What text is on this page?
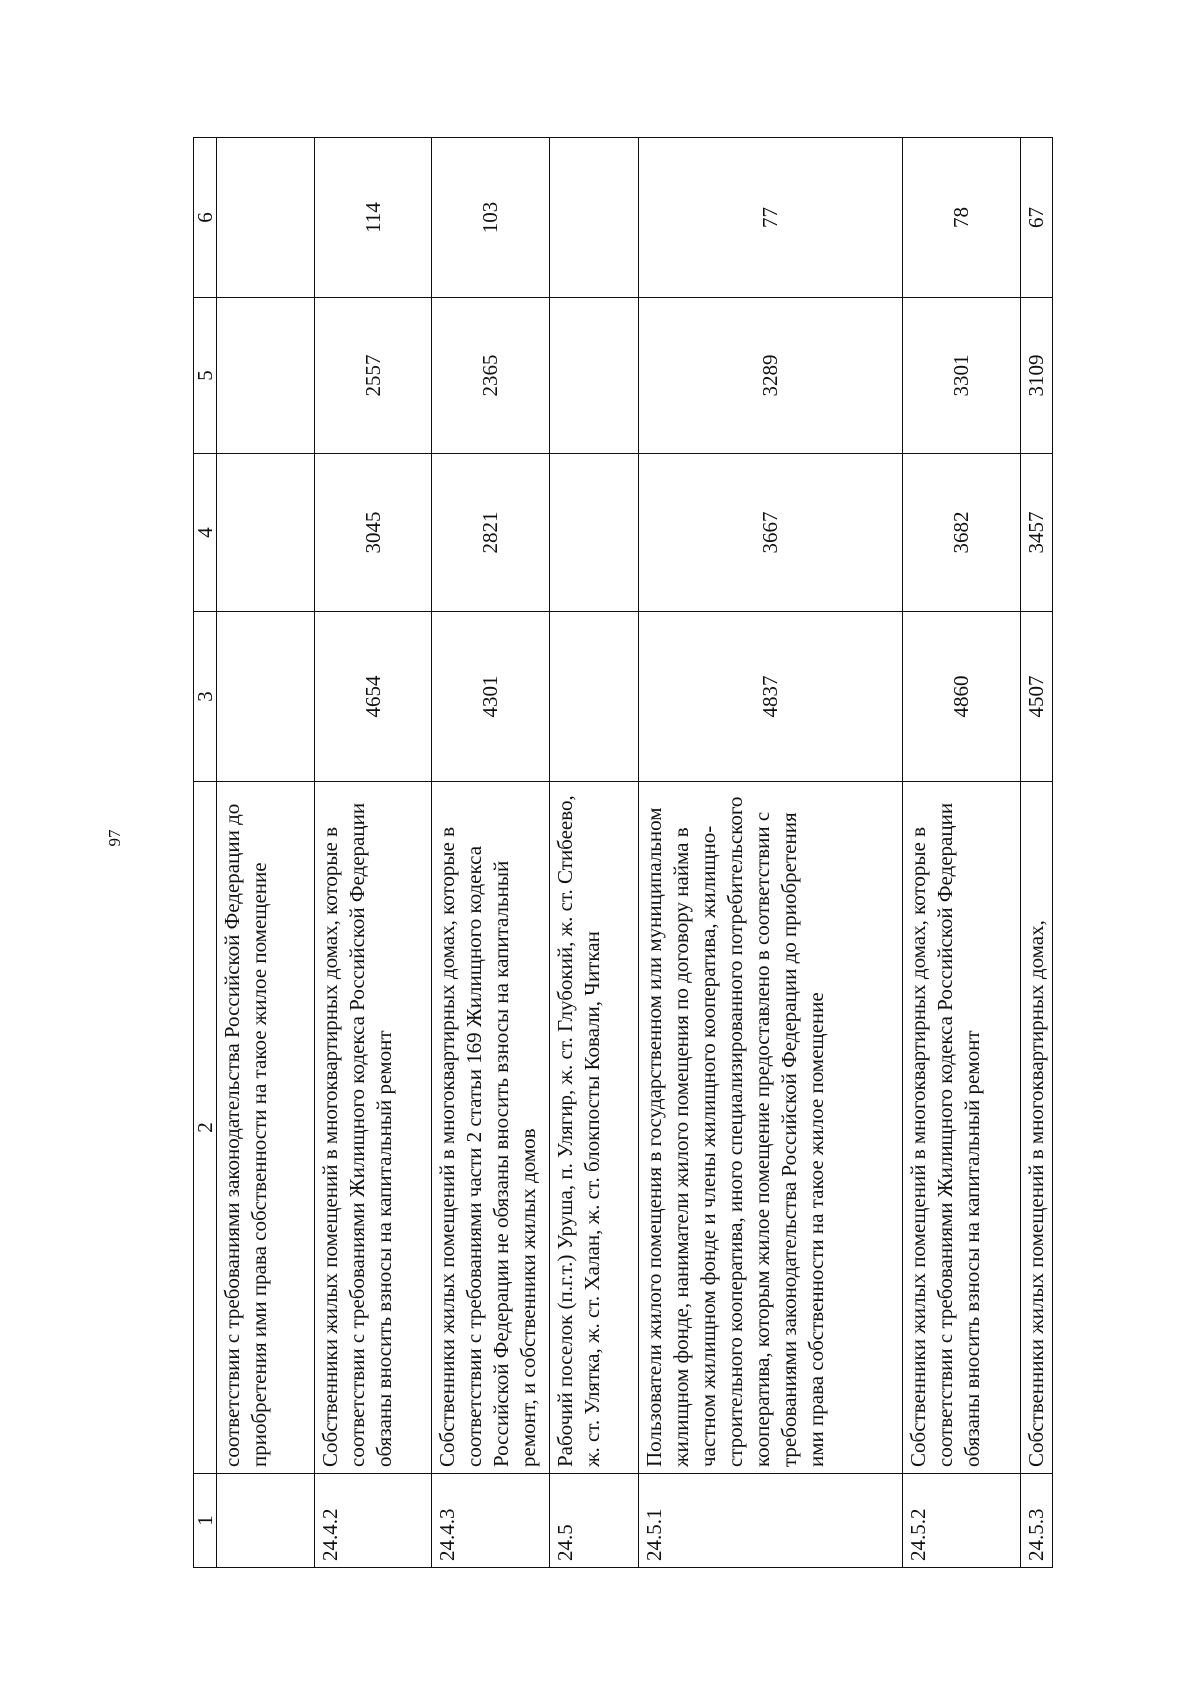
97
1	2	3	4	5	6
	соответствии с требованиями законодательства Российской Федерации до приобретения ими права собственности на такое жилое помещение				
24.4.2	Собственники жилых помещений в многоквартирных домах, которые в соответствии с требованиями Жилищного кодекса Российской Федерации обязаны вносить взносы на капитальный ремонт	4654	3045	2557	114
24.4.3	Собственники жилых помещений в многоквартирных домах, которые в соответствии с требованиями части 2 статьи 169 Жилищного кодекса Российской Федерации не обязаны вносить взносы на капитальный ремонт, и собственники жилых домов	4301	2821	2365	103
24.5	Рабочий поселок (п.г.т.) Уруша, п. Улягир, ж. ст. Глубокий, ж. ст. Стибеево, ж. ст. Улятка, ж. ст. Халан, ж. ст. блокпосты Ковали, Читкан				
24.5.1	Пользователи жилого помещения в государственном или муниципальном жилищном фонде, наниматели жилого помещения по договору найма в частном жилищном фонде и члены жилищного кооператива, жилищно-строительного кооператива, иного специализированного потребительского кооператива, которым жилое помещение предоставлено в соответствии с требованиями законодательства Российской Федерации до приобретения ими права собственности на такое жилое помещение	4837	3667	3289	77
24.5.2	Собственники жилых помещений в многоквартирных домах, которые в соответствии с требованиями Жилищного кодекса Российской Федерации обязаны вносить взносы на капитальный ремонт	4860	3682	3301	78
24.5.3	Собственники жилых помещений в многоквартирных домах,	4507	3457	3109	67
